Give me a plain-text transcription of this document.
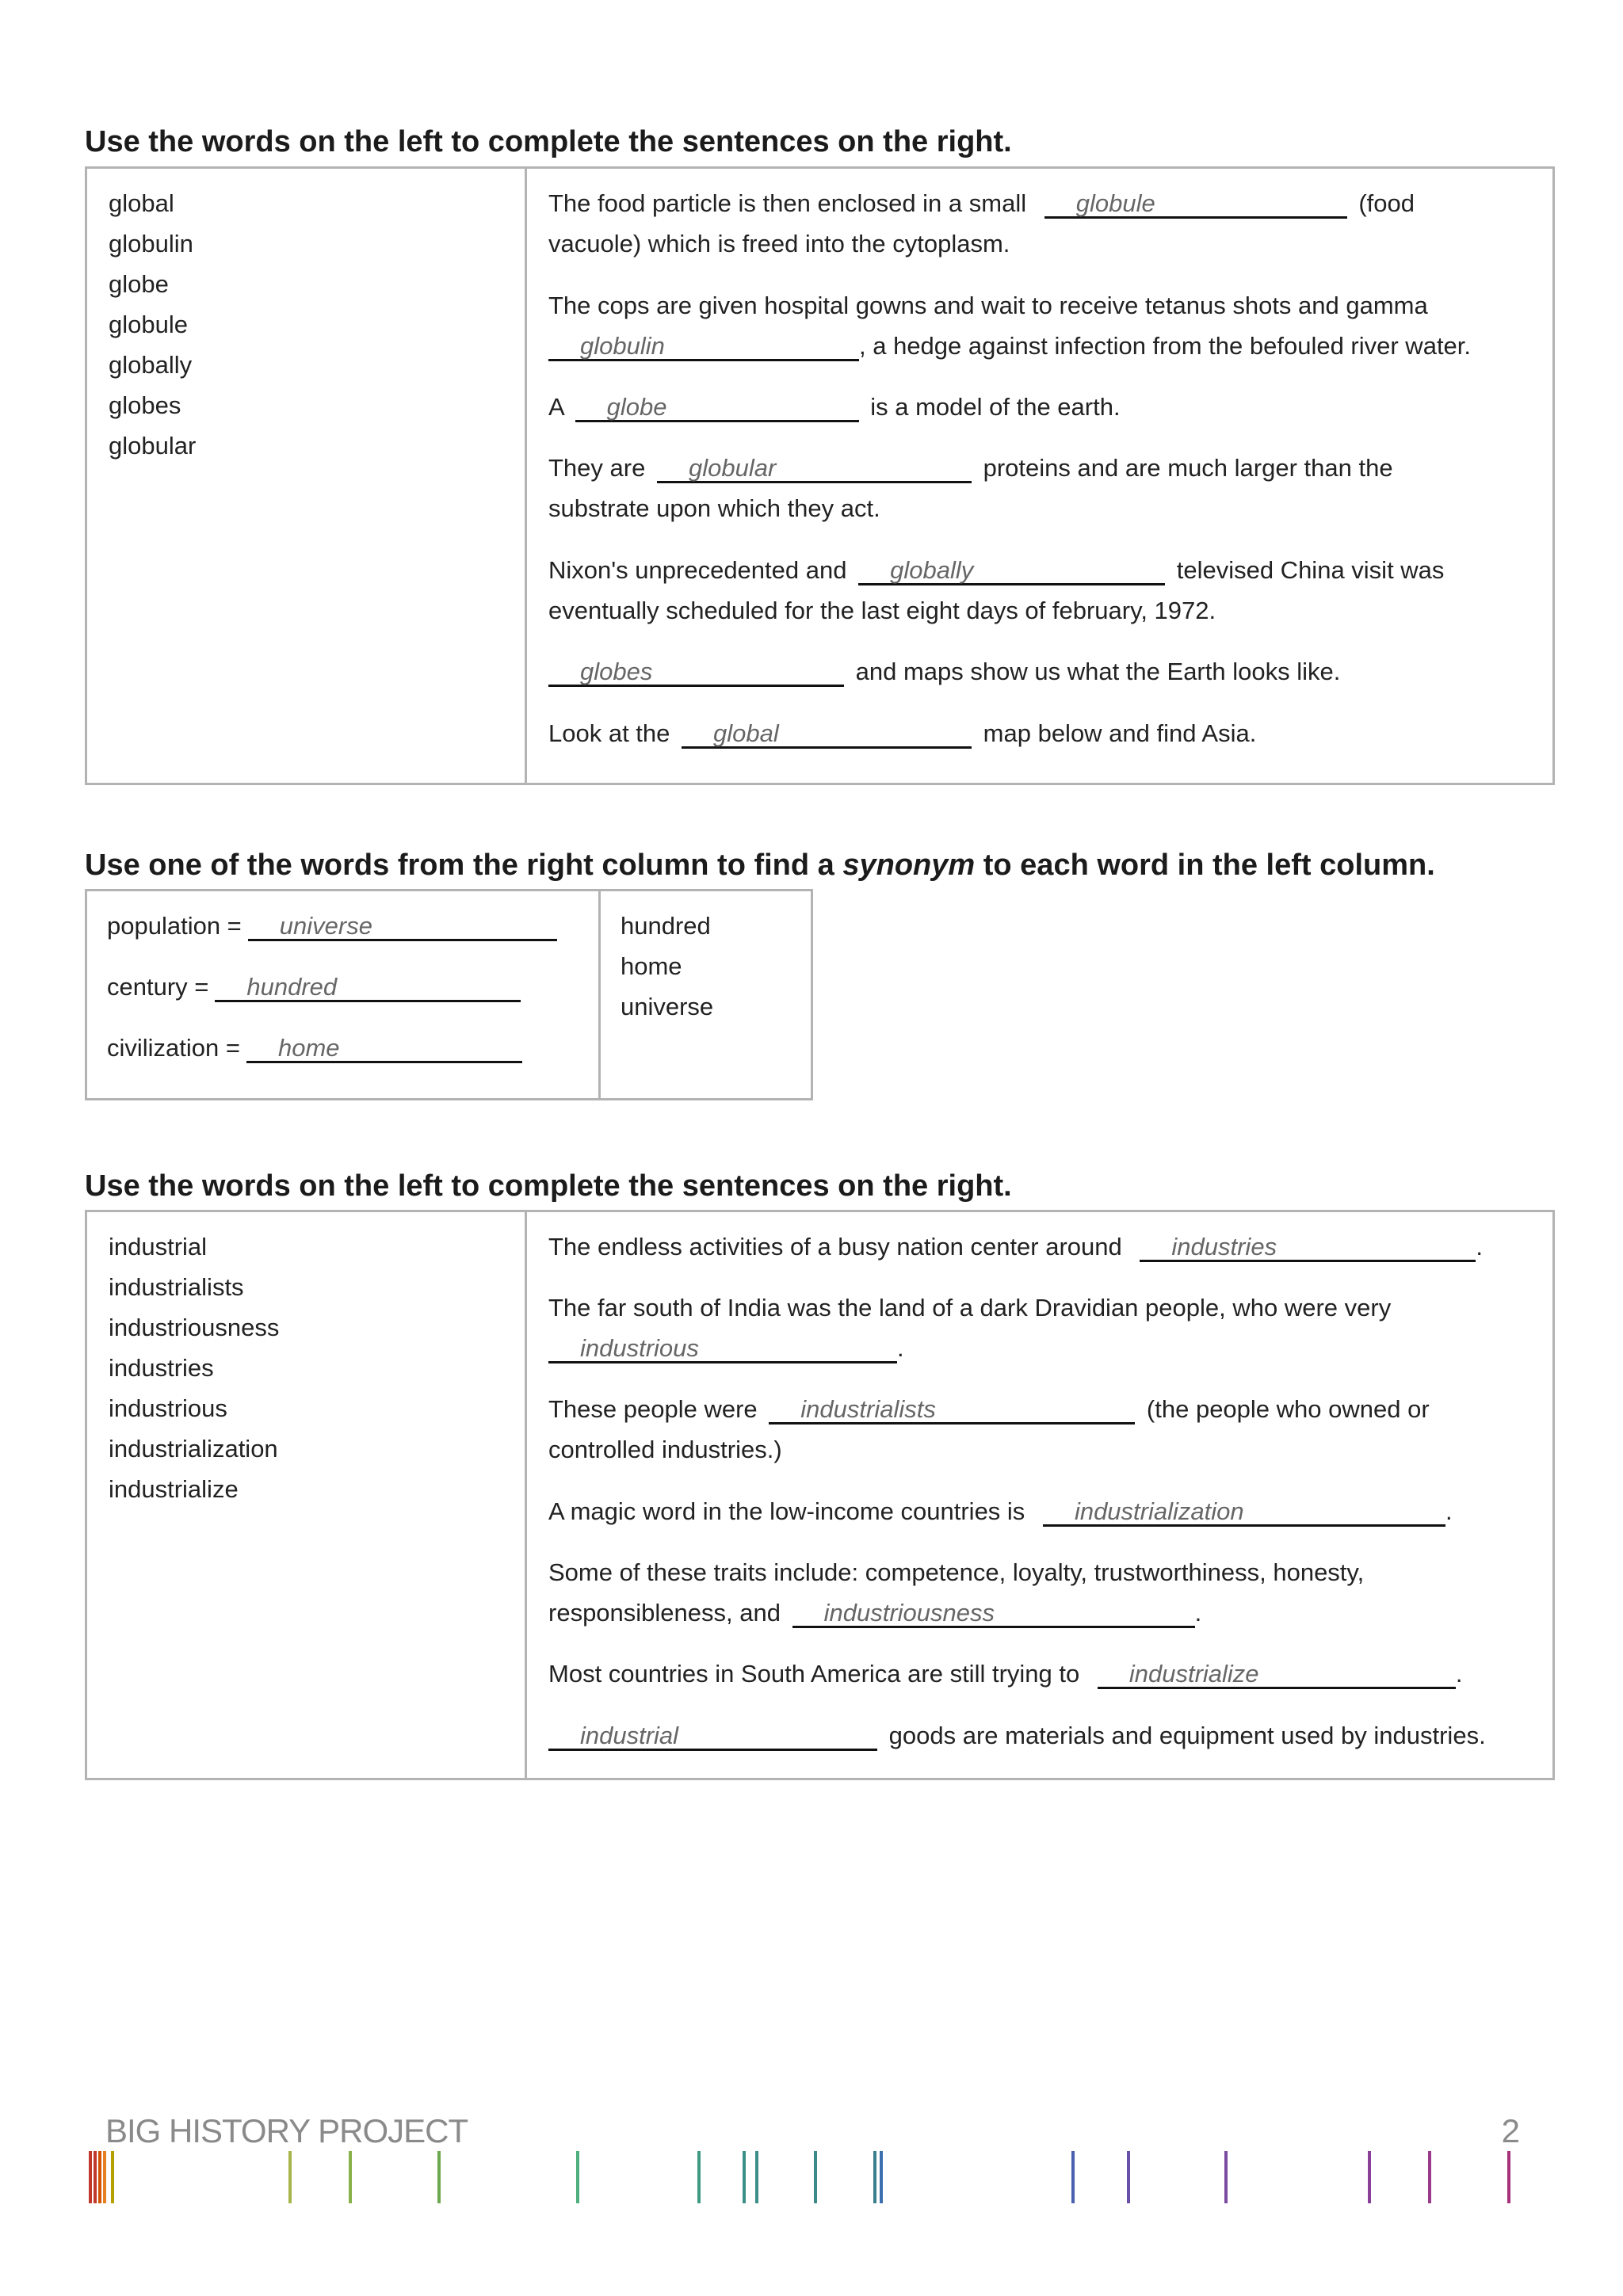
Use the words on the left to complete the sentences on the right.
global
globulin
globe
globule
globally
globes
globular
The food particle is then enclosed in a small globule	(food
vacuole) which is freed into the cytoplasm.
The cops are given hospital gowns and wait to receive tetanus shots and gamma
globulin	, a hedge against infection from the befouled river water.
A globe	is a model of the earth.
They are globular	proteins and are much larger than the
substrate upon which they act.
Nixon's unprecedented and globally	televised China visit was
eventually scheduled for the last eight days of february, 1972.
globes	and maps show us what the Earth looks like.
Look at the global	map below and find Asia.
Use one of the words from the right column to find a synonym to each word in the left column.
population = universe
century = hundred
civilization = home
hundred
home
universe
Use the words on the left to complete the sentences on the right.
industrial
industrialists
industriousness
industries
industrious
industrialization
industrialize
The endless activities of a busy nation center around industries	.
The far south of India was the land of a dark Dravidian people, who were very
industrious	.
These people were industrialists	(the people who owned or
controlled industries.)
A magic word in the low-income countries is industrialization	.
Some of these traits include: competence, loyalty, trustworthiness, honesty,
responsibleness, and industriousness	.
Most countries in South America are still trying to industrialize	.
industrial	goods are materials and equipment used by industries.
BIG HISTORY PROJECT	2
